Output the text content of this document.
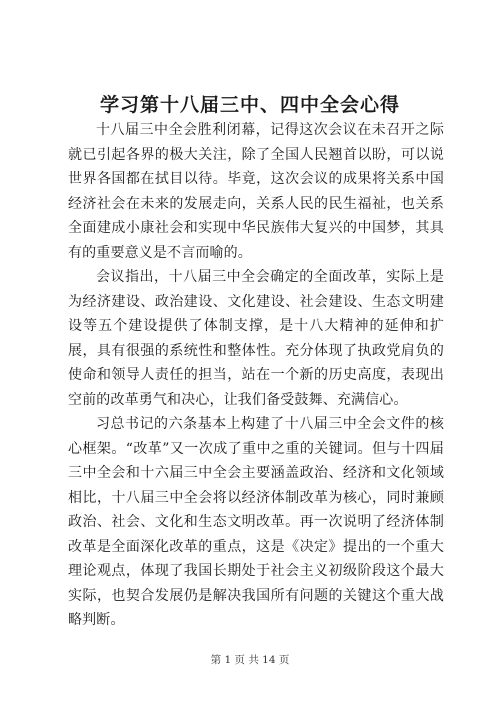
学习第十八届三中、四中全会心得

十八届三中全会胜利闭幕，记得这次会议在未召开之际就已引起各界的极大关注，除了全国人民翘首以盼，可以说世界各国都在拭目以待。毕竟，这次会议的成果将关系中国经济社会在未来的发展走向，关系人民的民生福祉，也关系全面建成小康社会和实现中华民族伟大复兴的中国梦，其具有的重要意义是不言而喻的。

会议指出，十八届三中全会确定的全面改革，实际上是为经济建设、政治建设、文化建设、社会建设、生态文明建设等五个建设提供了体制支撑，是十八大精神的延伸和扩展，具有很强的系统性和整体性。充分体现了执政党肩负的使命和领导人责任的担当，站在一个新的历史高度，表现出空前的改革勇气和决心，让我们备受鼓舞、充满信心。

习总书记的六条基本上构建了十八届三中全会文件的核心框架。“改革”又一次成了重中之重的关键词。但与十四届三中全会和十六届三中全会主要涵盖政治、经济和文化领域相比，十八届三中全会将以经济体制改革为核心，同时兼顾政治、社会、文化和生态文明改革。再一次说明了经济体制改革是全面深化改革的重点，这是《决定》提出的一个重大理论观点，体现了我国长期处于社会主义初级阶段这个最大实际，也契合发展仍是解决我国所有问题的关键这个重大战略判断。

第 1 页 共 14 页
